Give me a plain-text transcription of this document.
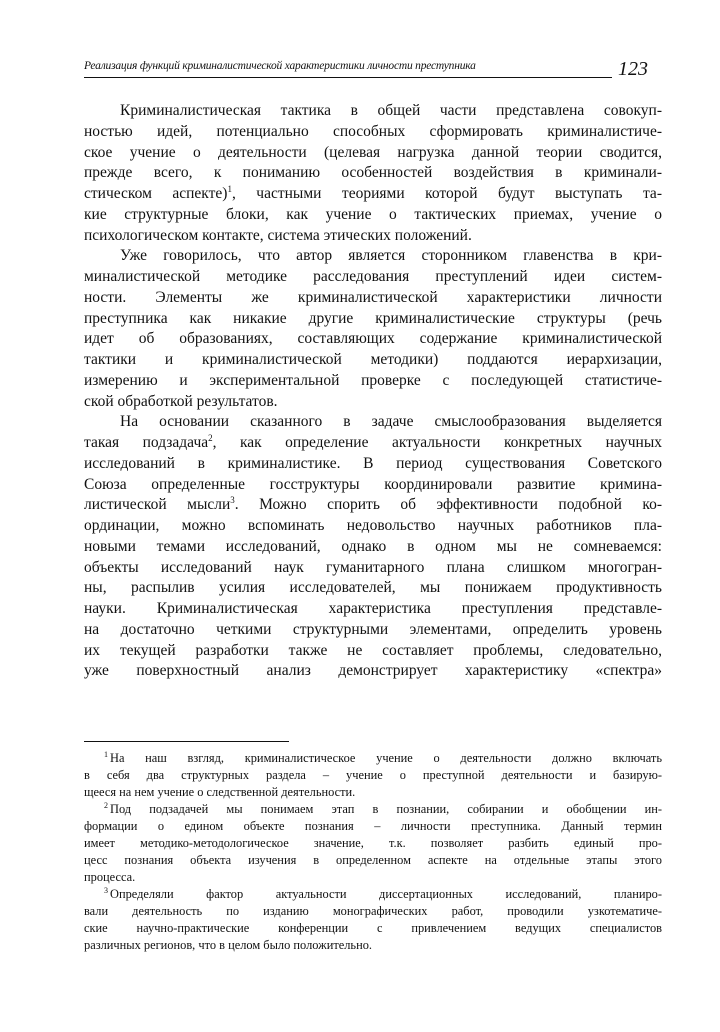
Реализация функций криминалистической характеристики личности преступника	123
Криминалистическая тактика в общей части представлена совокуп-
ностью идей, потенциально способных сформировать криминалистиче-
ское учение о деятельности (целевая нагрузка данной теории сводится,
прежде всего, к пониманию особенностей воздействия в криминали-
стическом аспекте)$^1$, частными теориями которой будут выступать та-
кие структурные блоки, как учение о тактических приемах, учение о
психологическом контакте, система этических положений.
Уже говорилось, что автор является сторонником главенства в кри-
миналистической методике расследования преступлений идеи систем-
ности. Элементы же криминалистической характеристики личности
преступника как никакие другие криминалистические структуры (речь
идет об образованиях, составляющих содержание криминалистической
тактики и криминалистической методики) поддаются иерархизации,
измерению и экспериментальной проверке с последующей статистиче-
ской обработкой результатов.
На основании сказанного в задаче смыслообразования выделяется
такая подзадача$^2$, как определение актуальности конкретных научных
исследований в криминалистике. В период существования Советского
Союза определенные госструктуры координировали развитие кримина-
листической мысли$^3$. Можно спорить об эффективности подобной ко-
ординации, можно вспоминать недовольство научных работников пла-
новыми темами исследований, однако в одном мы не сомневаемся:
объекты исследований наук гуманитарного плана слишком многогран-
ны, распылив усилия исследователей, мы понижаем продуктивность
науки. Криминалистическая характеристика преступления представле-
на достаточно четкими структурными элементами, определить уровень
их текущей разработки также не составляет проблемы, следовательно,
уже поверхностный анализ демонстрирует характеристику «спектра»
$^1$ На наш взгляд, криминалистическое учение о деятельности должно включать
в себя два структурных раздела – учение о преступной деятельности и базирую-
щееся на нем учение о следственной деятельности.
$^2$ Под подзадачей мы понимаем этап в познании, собирании и обобщении ин-
формации о едином объекте познания – личности преступника. Данный термин
имеет методико-методологическое значение, т.к. позволяет разбить единый про-
цесс познания объекта изучения в определенном аспекте на отдельные этапы этого
процесса.
$^3$ Определяли фактор актуальности диссертационных исследований, планиро-
вали деятельность по изданию монографических работ, проводили узкотематиче-
ские научно-практические конференции с привлечением ведущих специалистов
различных регионов, что в целом было положительно.
